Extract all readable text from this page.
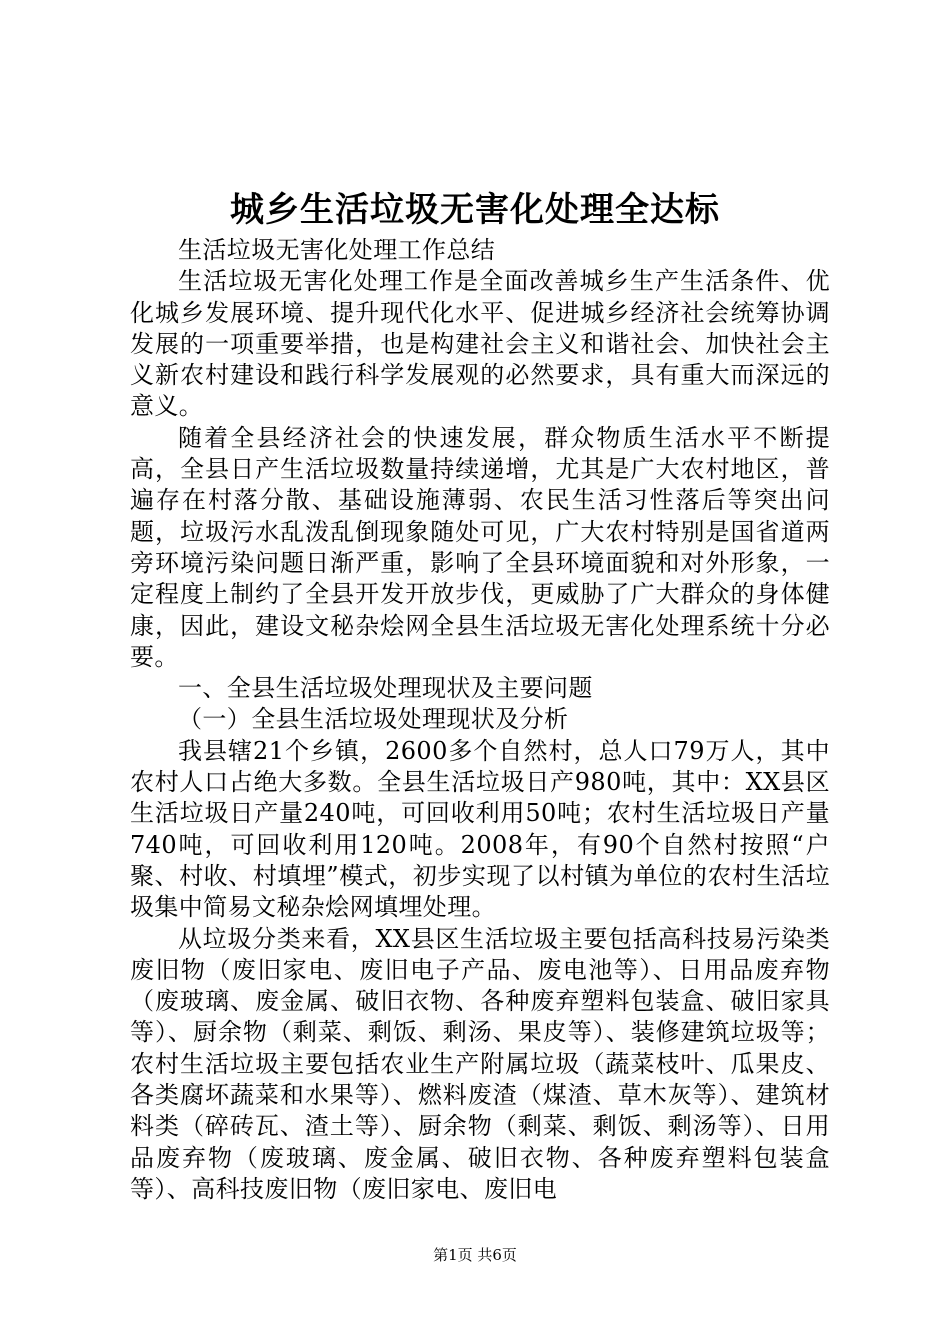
城乡生活垃圾无害化处理全达标

生活垃圾无害化处理工作总结

生活垃圾无害化处理工作是全面改善城乡生产生活条件、优化城乡发展环境、提升现代化水平、促进城乡经济社会统筹协调发展的一项重要举措，也是构建社会主义和谐社会、加快社会主义新农村建设和践行科学发展观的必然要求，具有重大而深远的意义。

随着全县经济社会的快速发展，群众物质生活水平不断提高，全县日产生活垃圾数量持续递增，尤其是广大农村地区，普遍存在村落分散、基础设施薄弱、农民生活习性落后等突出问题，垃圾污水乱泼乱倒现象随处可见，广大农村特别是国省道两旁环境污染问题日渐严重，影响了全县环境面貌和对外形象，一定程度上制约了全县开发开放步伐，更威胁了广大群众的身体健康，因此，建设文秘杂烩网全县生活垃圾无害化处理系统十分必要。

一、全县生活垃圾处理现状及主要问题

（一）全县生活垃圾处理现状及分析

我县辖21个乡镇，2600多个自然村，总人口79万人，其中农村人口占绝大多数。全县生活垃圾日产980吨，其中：XX县区生活垃圾日产量240吨，可回收利用50吨；农村生活垃圾日产量740吨，可回收利用120吨。2008年，有90个自然村按照“户聚、村收、村填埋”模式，初步实现了以村镇为单位的农村生活垃圾集中简易文秘杂烩网填埋处理。

从垃圾分类来看，XX县区生活垃圾主要包括高科技易污染类废旧物（废旧家电、废旧电子产品、废电池等）、日用品废弃物（废玻璃、废金属、破旧衣物、各种废弃塑料包装盒、破旧家具等）、厨余物（剩菜、剩饭、剩汤、果皮等）、装修建筑垃圾等；农村生活垃圾主要包括农业生产附属垃圾（蔬菜枝叶、瓜果皮、各类腐坏蔬菜和水果等）、燃料废渣（煤渣、草木灰等）、建筑材料类（碎砖瓦、渣土等）、厨余物（剩菜、剩饭、剩汤等）、日用品废弃物（废玻璃、废金属、破旧衣物、各种废弃塑料包装盒等）、高科技废旧物（废旧家电、废旧电

第1页 共6页
